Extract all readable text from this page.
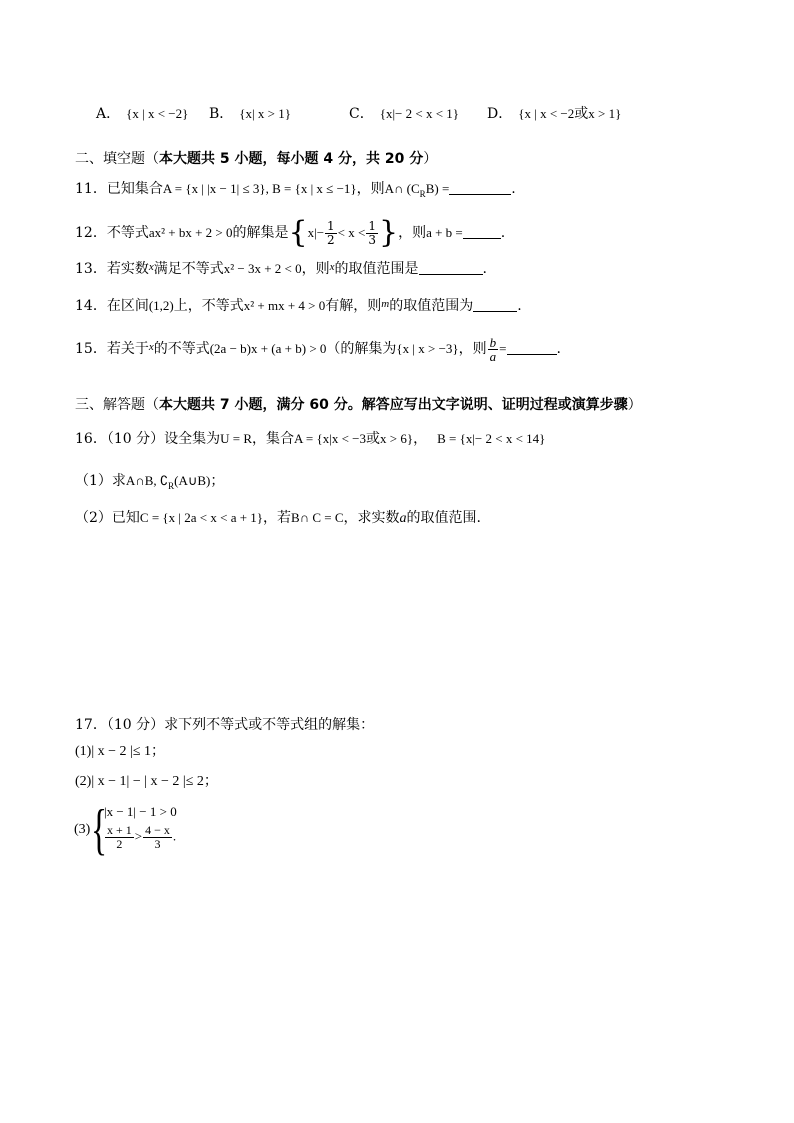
A． {x | x < −2} B． {x| x > 1}	C． {x|− 2 < x < 1} D． {x | x < −2或x > 1}
二、填空题（本大题共 5 小题，每小题 4 分，共 20 分）
11．已知集合A = {x | |x − 1| ≤ 3}, B = {x | x ≤ −1}，则A∩ $(C_RB)$ =	.
12．不等式ax² + bx + 2 > 0的解集是{$x|- \frac{1}{2} < x < \frac{1}{3}$ }，则a + b =	.
13．若实数$^x$满足不等式x² − 3x + 2 < 0，则$^x$的取值范围是	.
14．在区间(1,2)上，不等式x² + mx + 4 > 0有解，则$^m$的取值范围为	.
15．若关于$^x$的不等式(2a − b)x + (a + b) > 0（的解集为{x | x > −3}，则 $\frac{b}{a}$ =	.
三、解答题（本大题共 7 小题，满分 60 分。解答应写出文字说明、证明过程或演算步骤）
16．（10 分）设全集为U = R，集合A = {x|x < −3或x > 6}， B = {x|− 2 < x < 14}
（1）求A∩B, $∁_R(A\cup B)$；
（2）已知C = {x | 2a < x < a + 1}，若B∩ C = C，求实数a的取值范围.
17．（10 分）求下列不等式或不等式组的解集：
(1)| x − 2 |≤ 1；
(2)| x − 1| − | x − 2 |≤ 2；
(3) {
|x − 1| − 1 > 0
$\frac{x + 1}{2} > \frac{4 - x}{3}$ .
